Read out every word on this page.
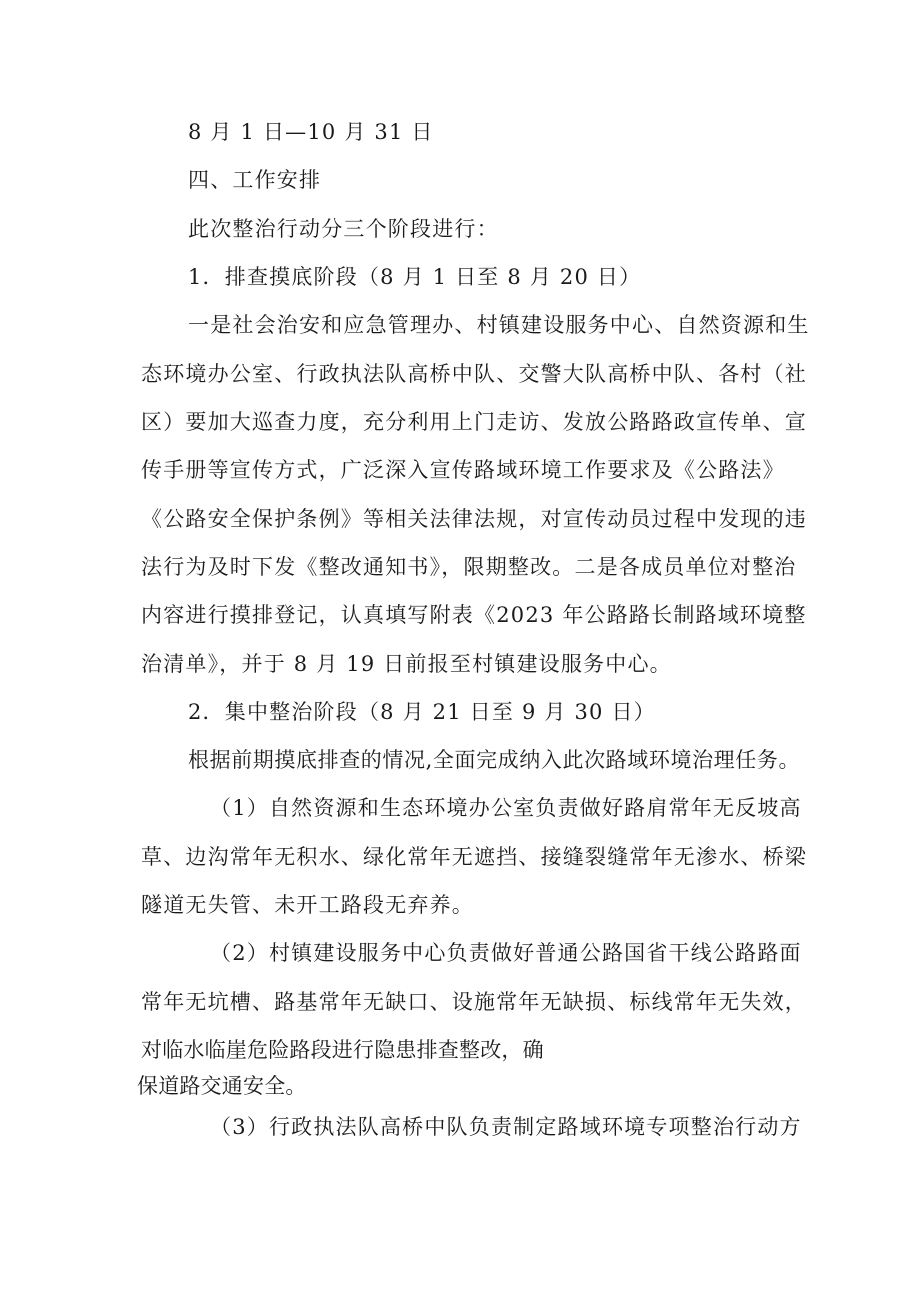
8 月 1 日—10 月 31 日
四、工作安排
此次整治行动分三个阶段进行：
1．排查摸底阶段（8 月 1 日至 8 月 20 日）
一是社会治安和应急管理办、村镇建设服务中心、自然资源和生
态环境办公室、行政执法队高桥中队、交警大队高桥中队、各村（社
区）要加大巡查力度，充分利用上门走访、发放公路路政宣传单、宣
传手册等宣传方式，广泛深入宣传路域环境工作要求及《公路法》
《公路安全保护条例》等相关法律法规，对宣传动员过程中发现的违
法行为及时下发《整改通知书》，限期整改。二是各成员单位对整治
内容进行摸排登记，认真填写附表《2023 年公路路长制路域环境整
治清单》，并于 8 月 19 日前报至村镇建设服务中心。
2．集中整治阶段（8 月 21 日至 9 月 30 日）
根据前期摸底排查的情况,全面完成纳入此次路域环境治理任务。
（1）自然资源和生态环境办公室负责做好路肩常年无反坡高
草、边沟常年无积水、绿化常年无遮挡、接缝裂缝常年无渗水、桥梁
隧道无失管、未开工路段无弃养。
（2）村镇建设服务中心负责做好普通公路国省干线公路路面
常年无坑槽、路基常年无缺口、设施常年无缺损、标线常年无失效，
对临水临崖危险路段进行隐患排查整改，确
保道路交通安全。
（3）行政执法队高桥中队负责制定路域环境专项整治行动方
